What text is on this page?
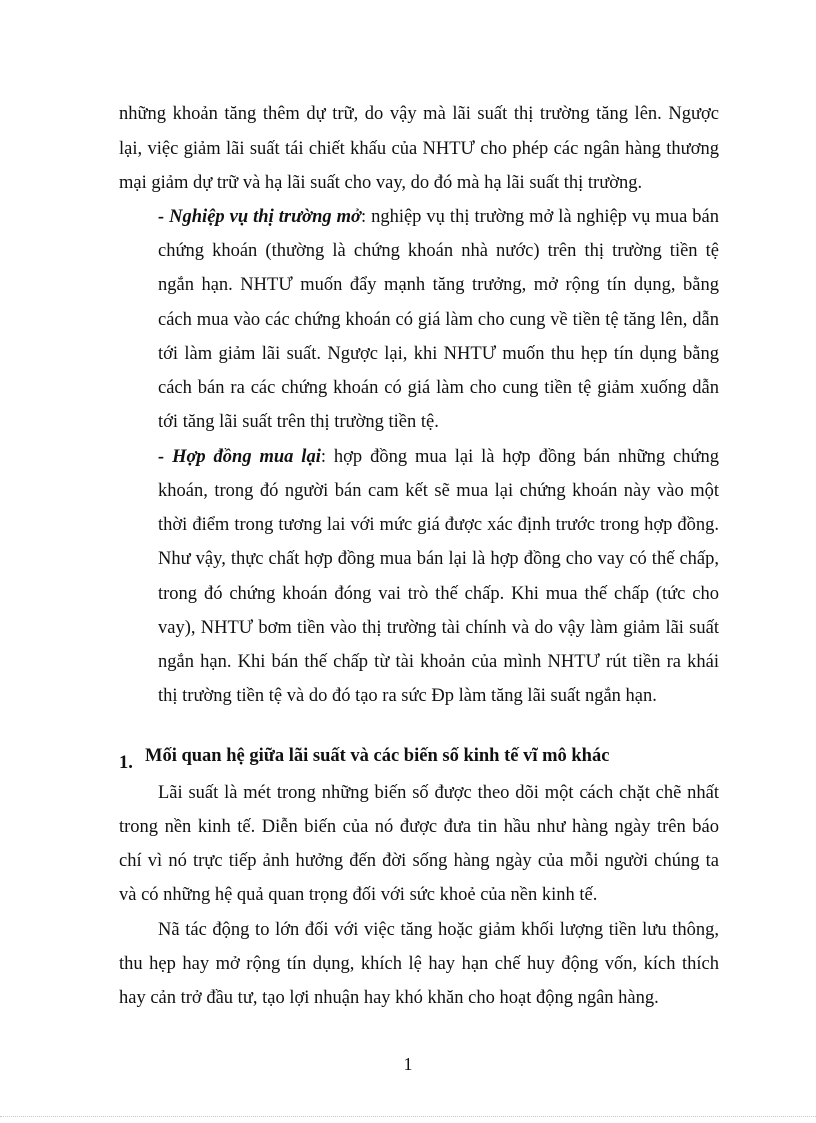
những khoản tăng thêm dự trữ, do vậy mà lãi suất thị trường tăng lên. Ngược
lại, việc giảm lãi suất tái chiết khấu của NHTƯ cho phép các ngân hàng thương
mại giảm dự trữ và hạ lãi suất cho vay, do đó mà hạ lãi suất thị trường.
- Nghiệp vụ thị trường mở: nghiệp vụ thị trường mở là nghiệp vụ mua bán
chứng khoán (thường là chứng khoán nhà nước) trên thị trường tiền tệ
ngắn hạn. NHTƯ muốn đẩy mạnh tăng trưởng, mở rộng tín dụng, bằng
cách mua vào các chứng khoán có giá làm cho cung về tiền tệ tăng lên, dẫn
tới làm giảm lãi suất. Ngược lại, khi NHTƯ muốn thu hẹp tín dụng bằng
cách bán ra các chứng khoán có giá làm cho cung tiền tệ giảm xuống dẫn
tới tăng lãi suất trên thị trường tiền tệ.
- Hợp đồng mua lại: hợp đồng mua lại là hợp đồng bán những chứng
khoán, trong đó người bán cam kết sẽ mua lại chứng khoán này vào một
thời điểm trong tương lai với mức giá được xác định trước trong hợp đồng.
Như vậy, thực chất hợp đồng mua bán lại là hợp đồng cho vay có thế chấp,
trong đó chứng khoán đóng vai trò thế chấp. Khi mua thế chấp (tức cho
vay), NHTƯ bơm tiền vào thị trường tài chính và do vậy làm giảm lãi suất
ngắn hạn. Khi bán thế chấp từ tài khoản của mình NHTƯ rút tiền ra khái
thị trường tiền tệ và do đó tạo ra sức Đp làm tăng lãi suất ngắn hạn.
1. Mối quan hệ giữa lãi suất và các biến số kinh tế vĩ mô khác
Lãi suất là mét trong những biến số được theo dõi một cách chặt chẽ nhất
trong nền kinh tế. Diễn biến của nó được đưa tin hầu như hàng ngày trên báo
chí vì nó trực tiếp ảnh hưởng đến đời sống hàng ngày của mỗi người chúng ta
và có những hệ quả quan trọng đối với sức khoẻ của nền kinh tế.
Nã tác động to lớn đối với việc tăng hoặc giảm khối lượng tiền lưu thông,
thu hẹp hay mở rộng tín dụng, khích lệ hay hạn chế huy động vốn, kích thích
hay cản trở đầu tư, tạo lợi nhuận hay khó khăn cho hoạt động ngân hàng.
1
